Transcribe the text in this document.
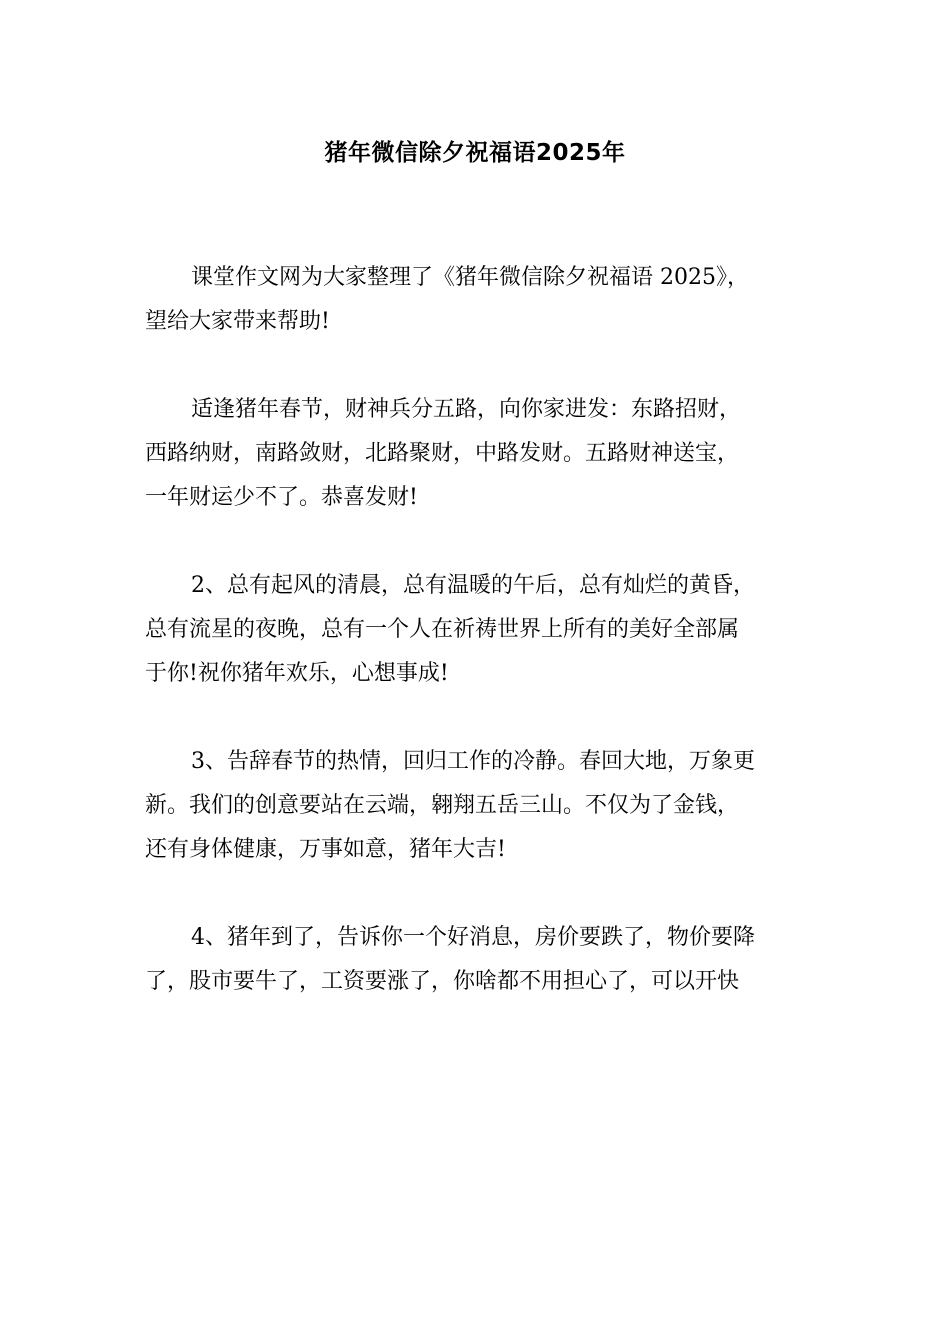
猪年微信除夕祝福语2025年
课堂作文网为大家整理了《猪年微信除夕祝福语 2025》，
望给大家带来帮助!
适逢猪年春节，财神兵分五路，向你家进发：东路招财，
西路纳财，南路敛财，北路聚财，中路发财。五路财神送宝，
一年财运少不了。恭喜发财!
2、总有起风的清晨，总有温暖的午后，总有灿烂的黄昏，
总有流星的夜晚，总有一个人在祈祷世界上所有的美好全部属
于你!祝你猪年欢乐，心想事成!
3、告辞春节的热情，回归工作的冷静。春回大地，万象更
新。我们的创意要站在云端，翱翔五岳三山。不仅为了金钱，
还有身体健康，万事如意，猪年大吉!
4、猪年到了，告诉你一个好消息，房价要跌了，物价要降
了，股市要牛了，工资要涨了，你啥都不用担心了，可以开快
